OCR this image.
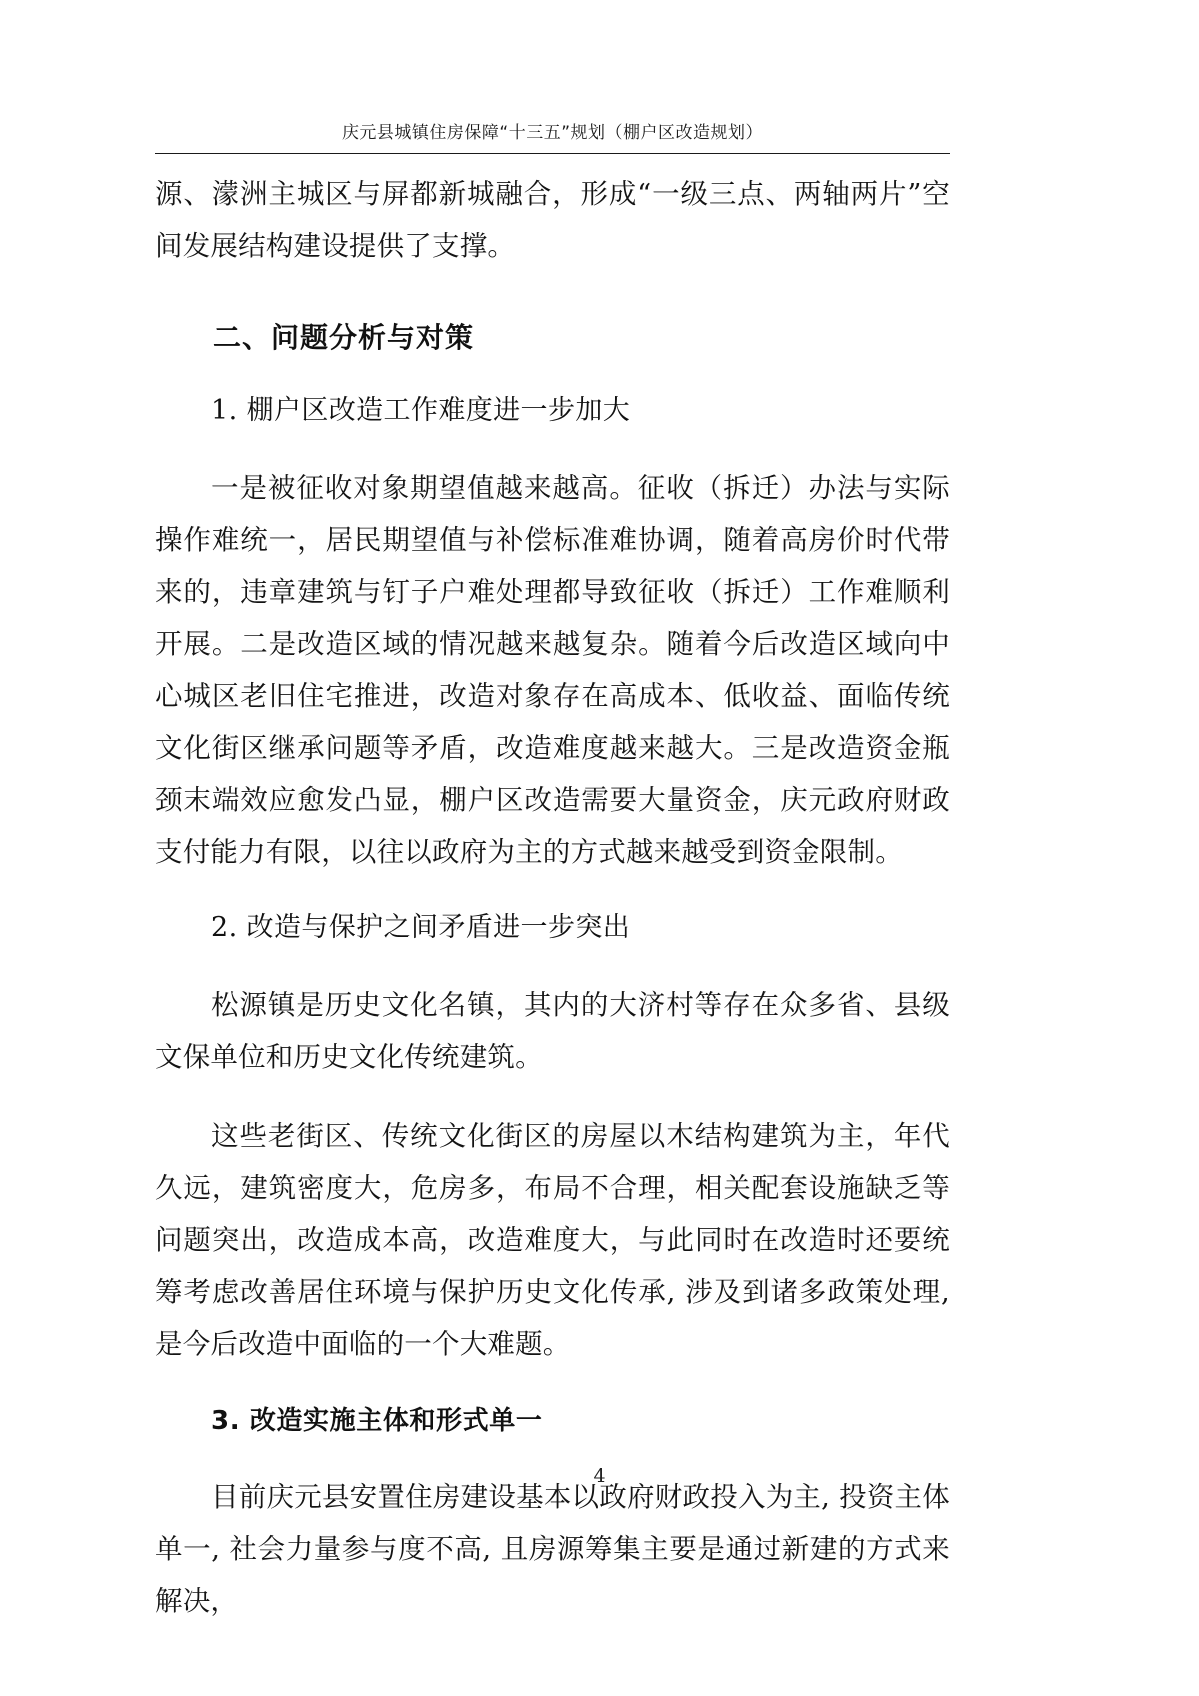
庆元县城镇住房保障“十三五”规划（棚户区改造规划）

源、濛洲主城区与屏都新城融合，形成“一级三点、两轴两片”空间发展结构建设提供了支撑。

二、问题分析与对策
1. 棚户区改造工作难度进一步加大

一是被征收对象期望值越来越高。征收（拆迁）办法与实际操作难统一，居民期望值与补偿标准难协调，随着高房价时代带来的，违章建筑与钉子户难处理都导致征收（拆迁）工作难顺利开展。二是改造区域的情况越来越复杂。随着今后改造区域向中心城区老旧住宅推进，改造对象存在高成本、低收益、面临传统文化街区继承问题等矛盾，改造难度越来越大。三是改造资金瓶颈末端效应愈发凸显，棚户区改造需要大量资金，庆元政府财政支付能力有限，以往以政府为主的方式越来越受到资金限制。

2. 改造与保护之间矛盾进一步突出

松源镇是历史文化名镇，其内的大济村等存在众多省、县级文保单位和历史文化传统建筑。

这些老街区、传统文化街区的房屋以木结构建筑为主，年代久远，建筑密度大，危房多，布局不合理，相关配套设施缺乏等问题突出，改造成本高，改造难度大，与此同时在改造时还要统筹考虑改善居住环境与保护历史文化传承, 涉及到诸多政策处理, 是今后改造中面临的一个大难题。

3. 改造实施主体和形式单一

目前庆元县安置住房建设基本以政府财政投入为主, 投资主体单一, 社会力量参与度不高, 且房源筹集主要是通过新建的方式来解决，

4
